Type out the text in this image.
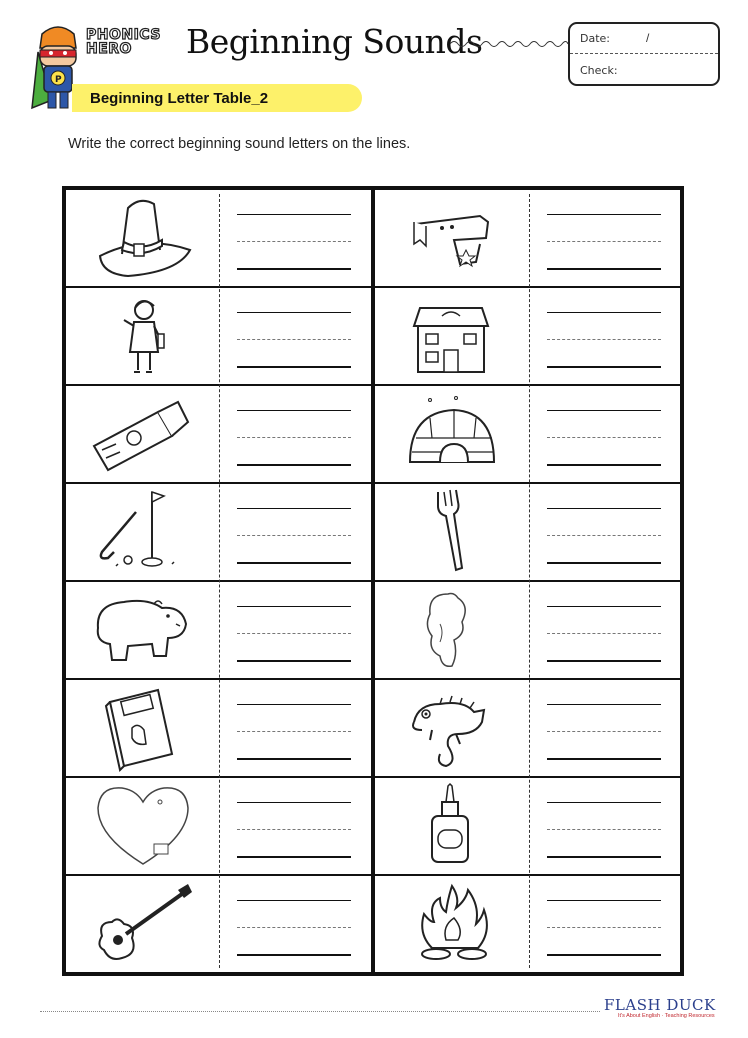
P
PHONICS HERO	Beginning Sounds	Date:	/
Check:
Beginning Letter Table_2
Write the correct beginning sound letters on the lines.
FLASH DUCK
It's About English · Teaching Resources
